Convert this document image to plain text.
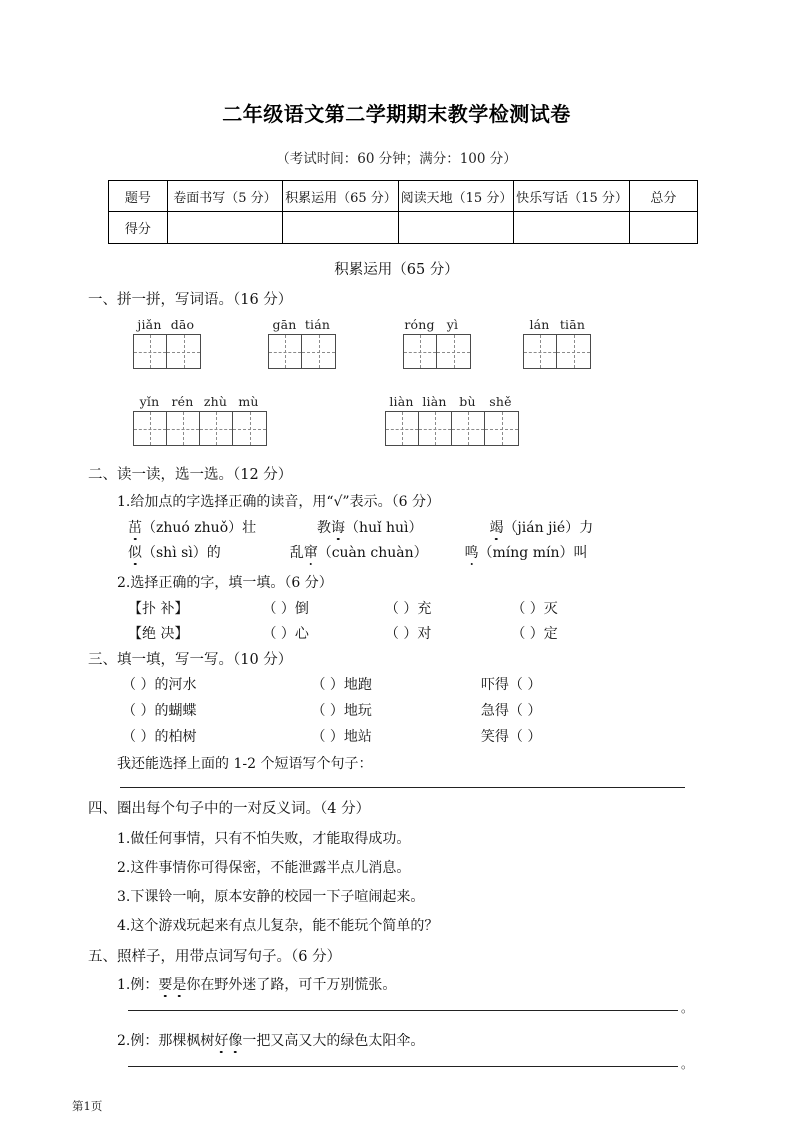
二年级语文第二学期期末教学检测试卷
（考试时间：60 分钟；满分：100 分）
题号	卷面书写（5 分）	积累运用（65 分）	阅读天地（15 分）	快乐写话（15 分）	总分
得分					
积累运用（65 分）
一、拼一拼，写词语。（16 分）
jiǎn dāo	gān tián	róng yì	lán tiān
yǐn rén zhù mù	liàn liàn	bù	shě
二、读一读，选一选。（12 分）
1.给加点的字选择正确的读音，用“√”表示。（6 分）
茁（zhuó zhuǒ）壮	教诲（huǐ huì）	竭（jián jié）力
似（shì sì）的	乱窜（cuàn chuàn）	鸣（míng mín）叫
2.选择正确的字，填一填。（6 分）
【扑 补】	（ ）倒	（ ）充	（ ）灭
【绝 决】	（ ）心	（ ）对	（ ）定
三、填一填，写一写。（10 分）
（ ）的河水	（ ）地跑	吓得（ ）
（ ）的蝴蝶	（ ）地玩	急得（ ）
（ ）的柏树	（ ）地站	笑得（ ）
我还能选择上面的 1-2 个短语写个句子：
四、圈出每个句子中的一对反义词。（4 分）
1.做任何事情，只有不怕失败，才能取得成功。
2.这件事情你可得保密，不能泄露半点儿消息。
3.下课铃一响，原本安静的校园一下子喧闹起来。
4.这个游戏玩起来有点儿复杂，能不能玩个简单的？
五、照样子，用带点词写句子。（6 分）
1.例：要是你在野外迷了路，可千万别慌张。
。
2.例：那棵枫树好像一把又高又大的绿色太阳伞。
。
第1页
